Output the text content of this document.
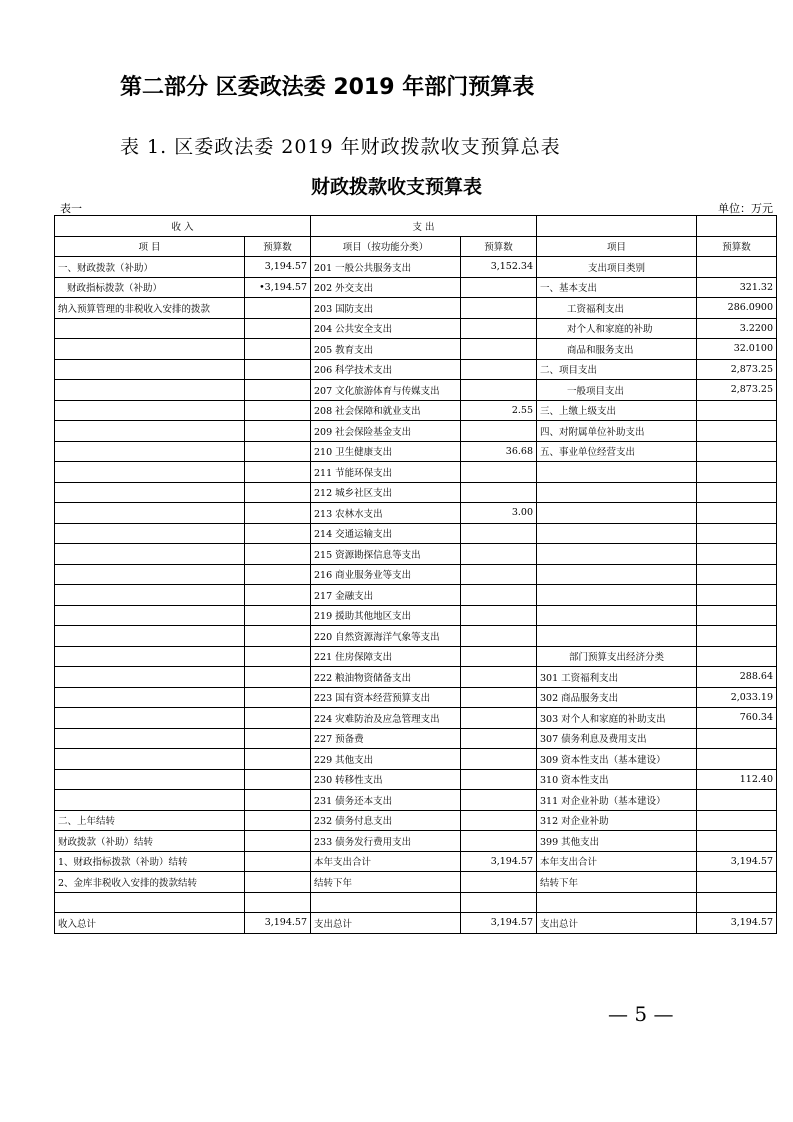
第二部分 区委政法委 2019 年部门预算表
表 1. 区委政法委 2019 年财政拨款收支预算总表
财政拨款收支预算表
表一	单位：万元
收 入		支 出			
项 目	预算数	项目（按功能分类）	预算数	项目	预算数
一、财政拨款（补助）	3,194.57	201 一般公共服务支出	3,152.34	支出项目类别	
财政指标拨款（补助）	•3,194.57	202 外交支出		一、基本支出	321.32
纳入预算管理的非税收入安排的拨款		203 国防支出		工资福利支出	286.0900
		204 公共安全支出		对个人和家庭的补助	3.2200
		205 教育支出		商品和服务支出	32.0100
		206 科学技术支出		二、项目支出	2,873.25
		207 文化旅游体育与传媒支出		一般项目支出	2,873.25
		208 社会保障和就业支出	2.55	三、上缴上级支出	
		209 社会保险基金支出		四、对附属单位补助支出	
		210 卫生健康支出	36.68	五、事业单位经营支出	
		211 节能环保支出			
		212 城乡社区支出			
		213 农林水支出	3.00		
		214 交通运输支出			
		215 资源勘探信息等支出			
		216 商业服务业等支出			
		217 金融支出			
		219 援助其他地区支出			
		220 自然资源海洋气象等支出			
		221 住房保障支出		部门预算支出经济分类	
		222 粮油物资储备支出		301 工资福利支出	288.64
		223 国有资本经营预算支出		302 商品服务支出	2,033.19
		224 灾难防治及应急管理支出		303 对个人和家庭的补助支出	760.34
		227 预备费		307 债务利息及费用支出	
		229 其他支出		309 资本性支出（基本建设）	
		230 转移性支出		310 资本性支出	112.40
		231 债务还本支出		311 对企业补助（基本建设）	
二、上年结转		232 债务付息支出		312 对企业补助	
财政拨款（补助）结转		233 债务发行费用支出		399 其他支出	
1、财政指标拨款（补助）结转		本年支出合计	3,194.57	本年支出合计	3,194.57
2、金库非税收入安排的拨款结转		结转下年		结转下年	

收入总计	3,194.57	支出总计	3,194.57	支出总计	3,194.57
— 5 —
